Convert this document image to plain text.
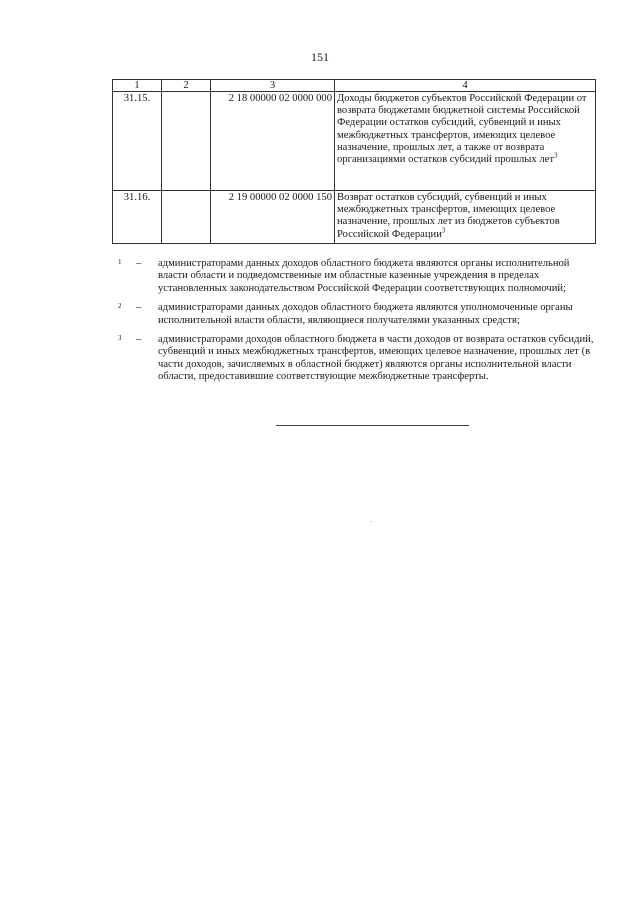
151
1	2	3	4
31.15.		2 18 00000 02 0000 000	Доходы бюджетов субъектов Российской Федерации от возврата бюджетами бюджетной системы Российской Федерации остатков субсидий, субвенций и иных межбюджетных трансфертов, имеющих целевое назначение, прошлых лет, а также от возврата организациями остатков субсидий прошлых лет$^3$
31.16.		2 19 00000 02 0000 150	Возврат остатков субсидий, субвенций и иных межбюджетных трансфертов, имеющих целевое назначение, прошлых лет из бюджетов субъектов Российской Федерации$^3$
1 – администраторами данных доходов областного бюджета являются органы исполнительной власти области и подведомственные им областные казенные учреждения в пределах установленных законодательством Российской Федерации соответствующих полномочий;
2 – администраторами данных доходов областного бюджета являются уполномоченные органы исполнительной власти области, являющиеся получателями указанных средств;
3 – администраторами доходов областного бюджета в части доходов от возврата остатков субсидий, субвенций и иных межбюджетных трансфертов, имеющих целевое назначение, прошлых лет (в части доходов, зачисляемых в областной бюджет) являются органы исполнительной власти области, предоставившие соответствующие межбюджетные трансферты.
